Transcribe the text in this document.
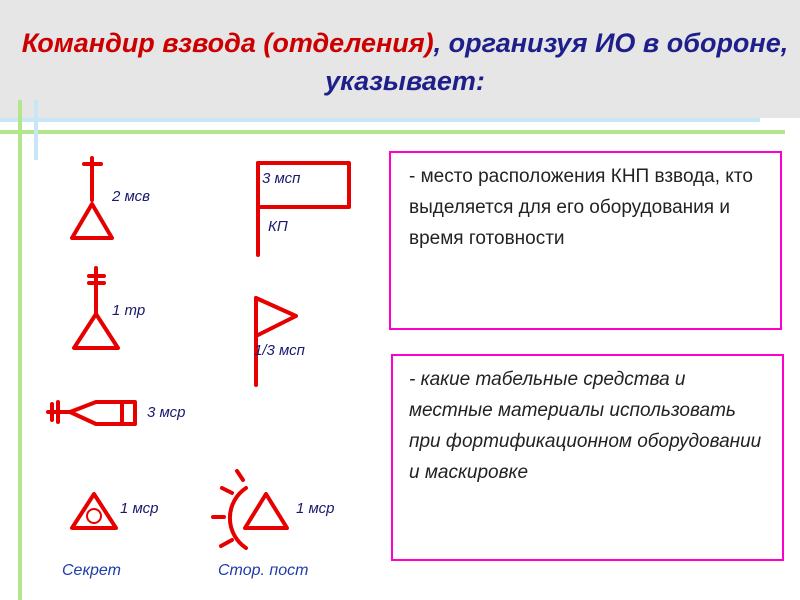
Командир взвода (отделения), организуя ИО в обороне, указывает:
2 мсв
1 тр
3 мср
1 мср
Секрет
3 мсп
КП
1/3 мсп
1 мср
Стор. пост
- место расположения КНП взвода, кто выделяется для его оборудования и время готовности
- какие табельные средства и местные материалы использовать при фортификационном оборудовании и маскировке
